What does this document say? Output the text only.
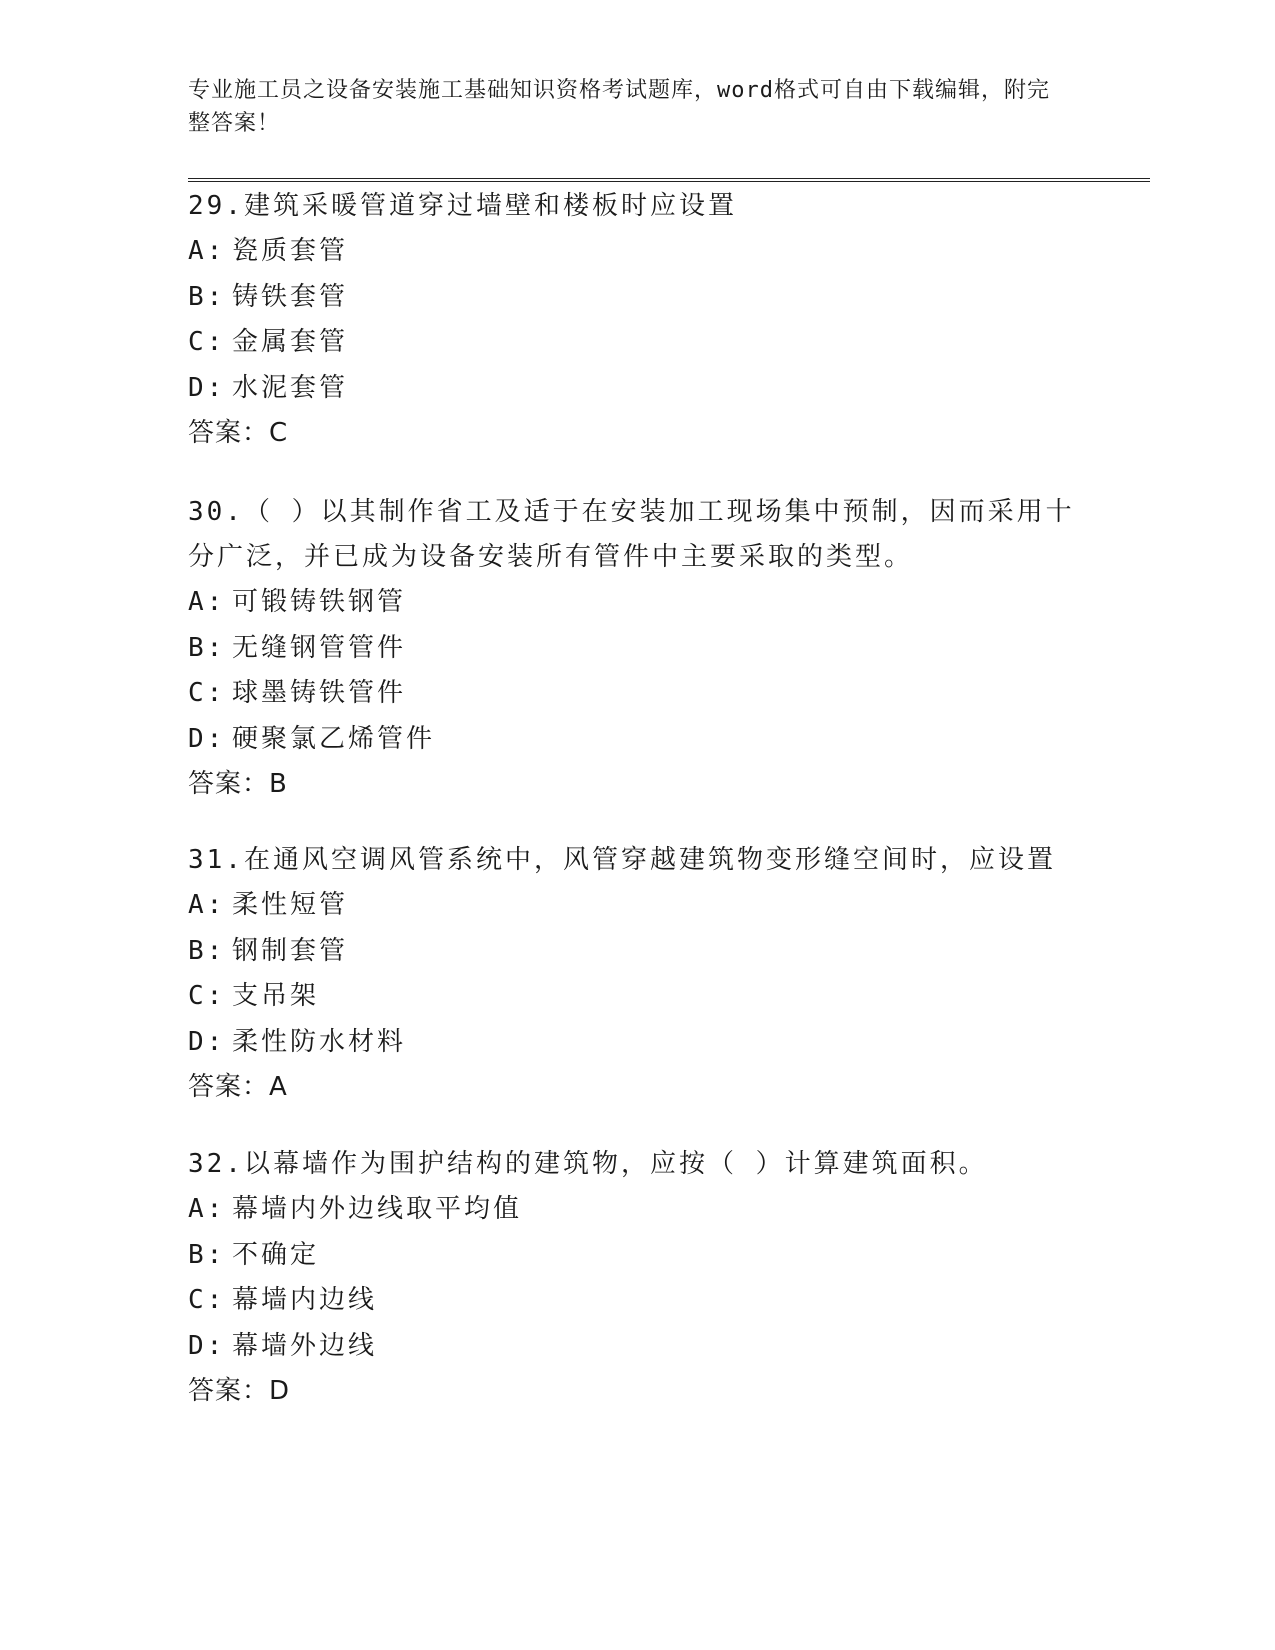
专业施工员之设备安装施工基础知识资格考试题库，word格式可自由下载编辑，附完整答案！

29.建筑采暖管道穿过墙壁和楼板时应设置

A: 瓷质套管

B: 铸铁套管

C: 金属套管

D: 水泥套管

答案：C

30.（ ）以其制作省工及适于在安装加工现场集中预制，因而采用十分广泛，并已成为设备安装所有管件中主要采取的类型。

A: 可锻铸铁钢管

B: 无缝钢管管件

C: 球墨铸铁管件

D: 硬聚氯乙烯管件

答案：B

31.在通风空调风管系统中，风管穿越建筑物变形缝空间时，应设置

A: 柔性短管

B: 钢制套管

C: 支吊架

D: 柔性防水材料

答案：A

32.以幕墙作为围护结构的建筑物，应按（ ）计算建筑面积。

A: 幕墙内外边线取平均值

B: 不确定

C: 幕墙内边线

D: 幕墙外边线

答案：D
